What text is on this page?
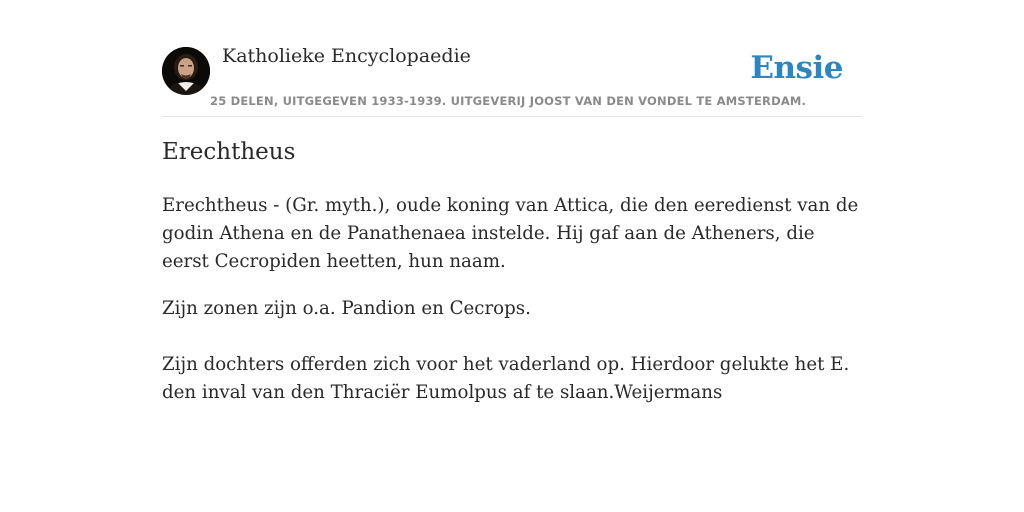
Katholieke Encyclopaedie
25 DELEN, UITGEGEVEN 1933-1939. UITGEVERIJ JOOST VAN DEN VONDEL TE AMSTERDAM.
Ensie
Erechtheus

Erechtheus - (Gr. myth.), oude koning van Attica, die den eeredienst van de godin Athena en de Panathenaea instelde. Hij gaf aan de Atheners, die eerst Cecropiden heetten, hun naam.

Zijn zonen zijn o.a. Pandion en Cecrops.

Zijn dochters offerden zich voor het vaderland op. Hierdoor gelukte het E. den inval van den Thraciër Eumolpus af te slaan.Weijermans
